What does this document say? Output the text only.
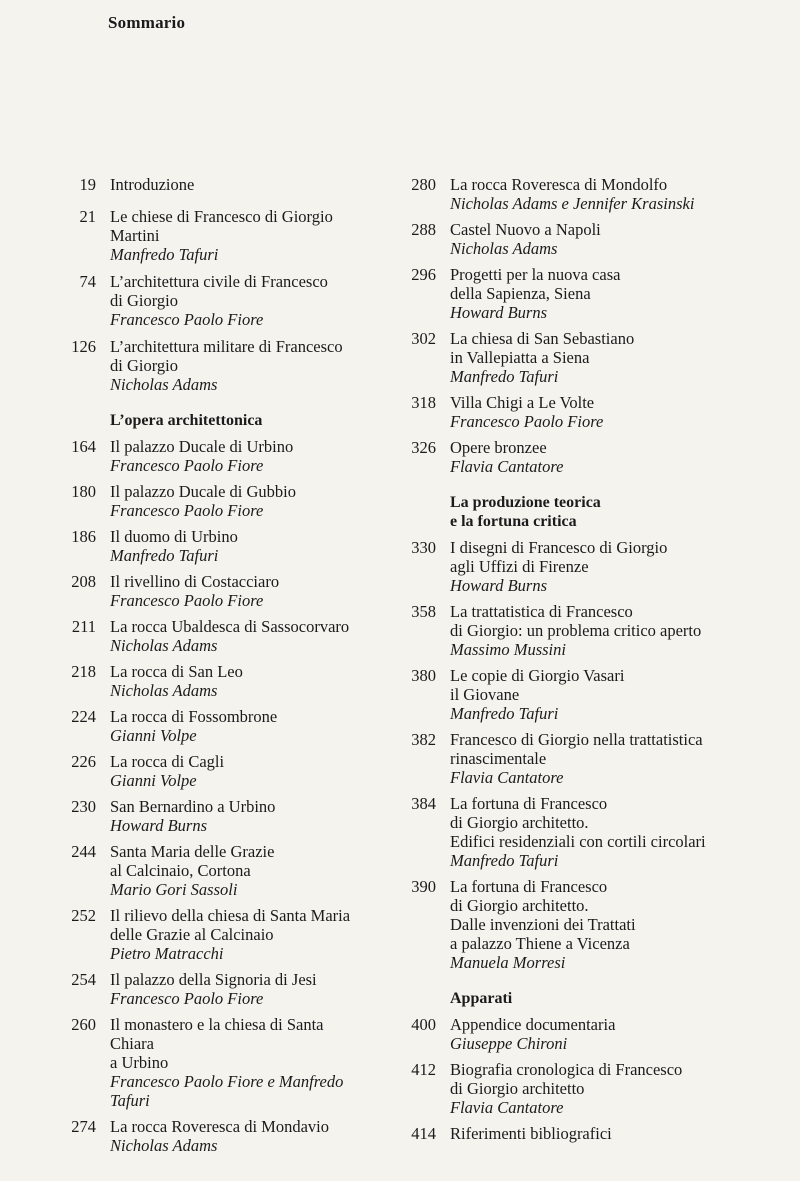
Sommario
19 Introduzione
21 Le chiese di Francesco di Giorgio
Martini
Manfredo Tafuri
74 L’architettura civile di Francesco
di Giorgio
Francesco Paolo Fiore
126 L’architettura militare di Francesco
di Giorgio
Nicholas Adams
L’opera architettonica
164 Il palazzo Ducale di Urbino
Francesco Paolo Fiore
180 Il palazzo Ducale di Gubbio
Francesco Paolo Fiore
186 Il duomo di Urbino
Manfredo Tafuri
208 Il rivellino di Costacciaro
Francesco Paolo Fiore
211 La rocca Ubaldesca di Sassocorvaro
Nicholas Adams
218 La rocca di San Leo
Nicholas Adams
224 La rocca di Fossombrone
Gianni Volpe
226 La rocca di Cagli
Gianni Volpe
230 San Bernardino a Urbino
Howard Burns
244 Santa Maria delle Grazie
al Calcinaio, Cortona
Mario Gori Sassoli
252 Il rilievo della chiesa di Santa Maria
delle Grazie al Calcinaio
Pietro Matracchi
254 Il palazzo della Signoria di Jesi
Francesco Paolo Fiore
260 Il monastero e la chiesa di Santa Chiara
a Urbino
Francesco Paolo Fiore e Manfredo
Tafuri
274 La rocca Roveresca di Mondavio
Nicholas Adams
280 La rocca Roveresca di Mondolfo
Nicholas Adams e Jennifer Krasinski
288 Castel Nuovo a Napoli
Nicholas Adams
296 Progetti per la nuova casa
della Sapienza, Siena
Howard Burns
302 La chiesa di San Sebastiano
in Vallepiatta a Siena
Manfredo Tafuri
318 Villa Chigi a Le Volte
Francesco Paolo Fiore
326 Opere bronzee
Flavia Cantatore
La produzione teorica
e la fortuna critica
330 I disegni di Francesco di Giorgio
agli Uffizi di Firenze
Howard Burns
358 La trattatistica di Francesco
di Giorgio: un problema critico aperto
Massimo Mussini
380 Le copie di Giorgio Vasari
il Giovane
Manfredo Tafuri
382 Francesco di Giorgio nella trattatistica
rinascimentale
Flavia Cantatore
384 La fortuna di Francesco
di Giorgio architetto.
Edifici residenziali con cortili circolari
Manfredo Tafuri
390 La fortuna di Francesco
di Giorgio architetto.
Dalle invenzioni dei Trattati
a palazzo Thiene a Vicenza
Manuela Morresi
Apparati
400 Appendice documentaria
Giuseppe Chironi
412 Biografia cronologica di Francesco
di Giorgio architetto
Flavia Cantatore
414 Riferimenti bibliografici
